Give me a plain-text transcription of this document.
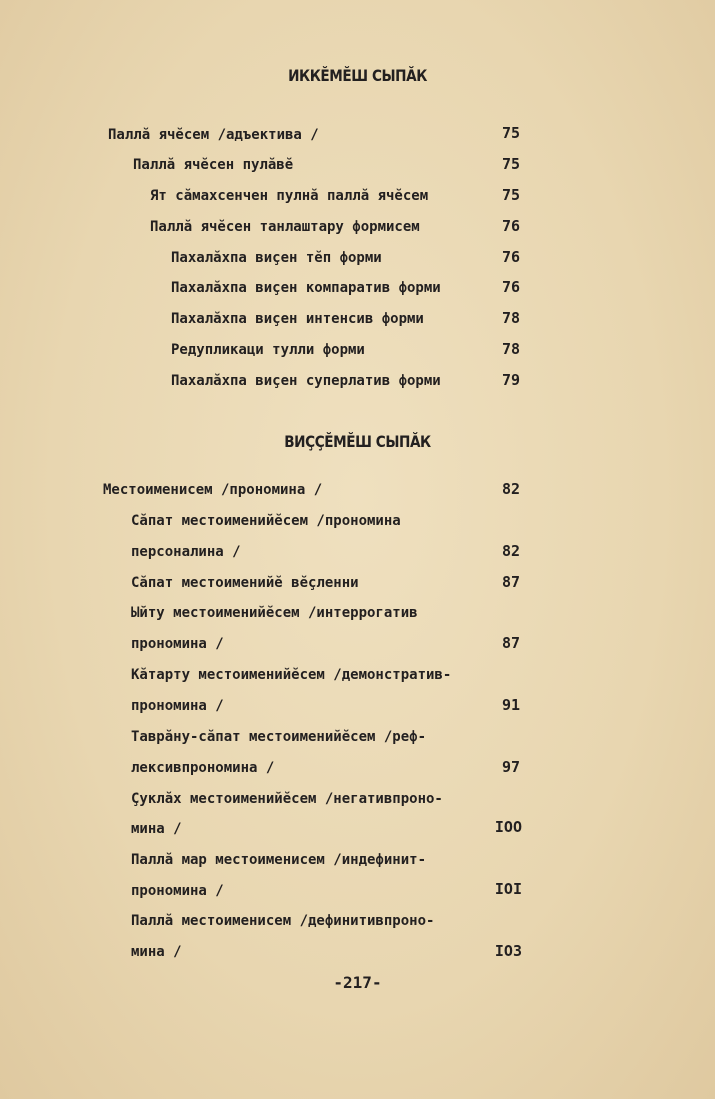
ИККĔМĔШ СЫПĂК
Паллă ячĕсем /адъектива /	75
Паллă ячĕсен пулăвĕ	75
Ят сăмахсенчен пулнă паллă ячĕсем	75
Паллă ячĕсен танлаштару формисем	76
Пахалăхпа виçен тĕп форми	76
Пахалăхпа виçен компаратив форми	76
Пахалăхпа виçен интенсив форми	78
Редупликаци тулли форми	78
Пахалăхпа виçен суперлатив форми	79
ВИÇÇĔМĔШ СЫПĂК
Местоименисем /прономина /	82
Сăпат местоименийĕсем /прономина
персоналина /	82
Сăпат местоименийĕ вĕçленни	87
Ыйту местоименийĕсем /интеррогатив
прономина /	87
Кăтарту местоименийĕсем /демонстратив-
прономина /	91
Таврăну-сăпат местоименийĕсем /реф-
лексивпрономина /	97
Çуклăх местоименийĕсем /негативпроно-
мина /	IOO
Паллă мар местоименисем /индефинит-
прономина /	IOI
Паллă местоименисем /дефинитивпроно-
мина /	IO3
-217-
